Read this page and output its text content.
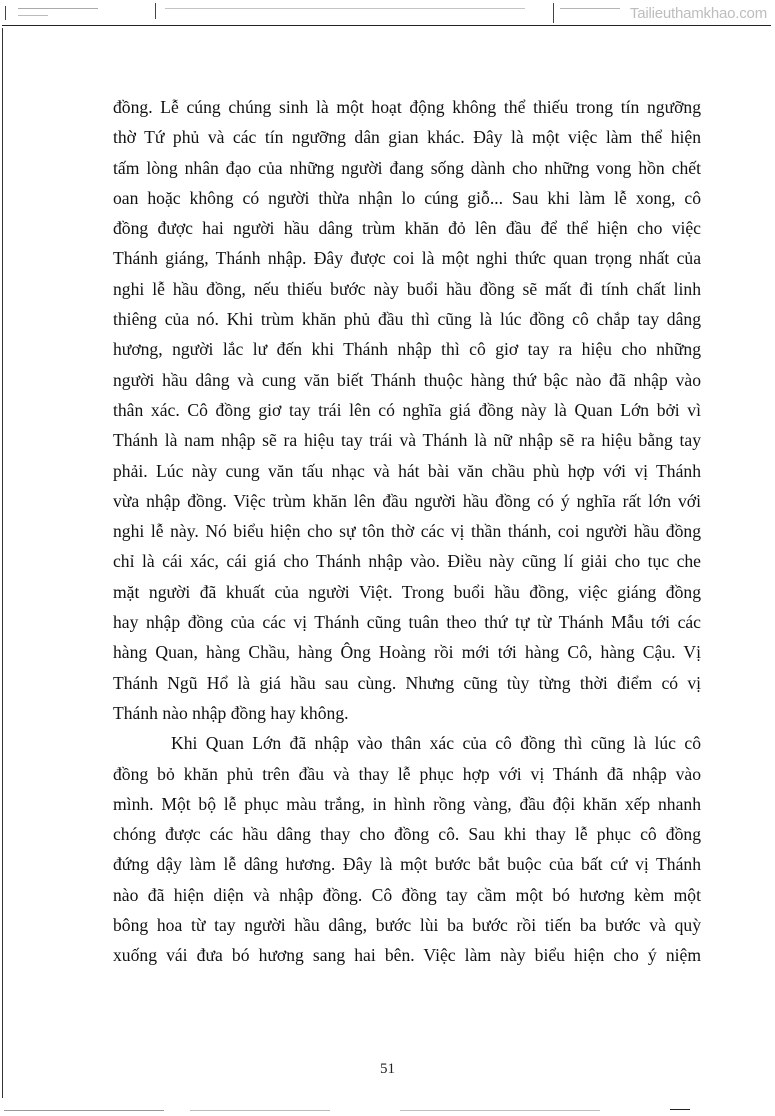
Tailieuthamkhao.com
đồng. Lễ cúng chúng sinh là một hoạt động không thể thiếu trong tín ngưỡng
thờ Tứ phủ và các tín ngưỡng dân gian khác. Đây là một việc làm thể hiện
tấm lòng nhân đạo của những người đang sống dành cho những vong hồn chết
oan hoặc không có người thừa nhận lo cúng giỗ... Sau khi làm lễ xong, cô
đồng được hai người hầu dâng trùm khăn đỏ lên đầu để thể hiện cho việc
Thánh giáng, Thánh nhập. Đây được coi là một nghi thức quan trọng nhất của
nghi lễ hầu đồng, nếu thiếu bước này buổi hầu đồng sẽ mất đi tính chất linh
thiêng của nó. Khi trùm khăn phủ đầu thì cũng là lúc đồng cô chắp tay dâng
hương, người lắc lư đến khi Thánh nhập thì cô giơ tay ra hiệu cho những
người hầu dâng và cung văn biết Thánh thuộc hàng thứ bậc nào đã nhập vào
thân xác. Cô đồng giơ tay trái lên có nghĩa giá đồng này là Quan Lớn bởi vì
Thánh là nam nhập sẽ ra hiệu tay trái và Thánh là nữ nhập sẽ ra hiệu bằng tay
phải. Lúc này cung văn tấu nhạc và hát bài văn chầu phù hợp với vị Thánh
vừa nhập đồng. Việc trùm khăn lên đầu người hầu đồng có ý nghĩa rất lớn với
nghi lễ này. Nó biểu hiện cho sự tôn thờ các vị thần thánh, coi người hầu đồng
chỉ là cái xác, cái giá cho Thánh nhập vào. Điều này cũng lí giải cho tục che
mặt người đã khuất của người Việt. Trong buổi hầu đồng, việc giáng đồng
hay nhập đồng của các vị Thánh cũng tuân theo thứ tự từ Thánh Mẫu tới các
hàng Quan, hàng Chầu, hàng Ông Hoàng rồi mới tới hàng Cô, hàng Cậu. Vị
Thánh Ngũ Hổ là giá hầu sau cùng. Nhưng cũng tùy từng thời điểm có vị
Thánh nào nhập đồng hay không.
Khi Quan Lớn đã nhập vào thân xác của cô đồng thì cũng là lúc cô
đồng bỏ khăn phủ trên đầu và thay lễ phục hợp với vị Thánh đã nhập vào
mình. Một bộ lễ phục màu trắng, in hình rồng vàng, đầu đội khăn xếp nhanh
chóng được các hầu dâng thay cho đồng cô. Sau khi thay lễ phục cô đồng
đứng dậy làm lễ dâng hương. Đây là một bước bắt buộc của bất cứ vị Thánh
nào đã hiện diện và nhập đồng. Cô đồng tay cầm một bó hương kèm một
bông hoa từ tay người hầu dâng, bước lùi ba bước rồi tiến ba bước và quỳ
xuống vái đưa bó hương sang hai bên. Việc làm này biểu hiện cho ý niệm
51
